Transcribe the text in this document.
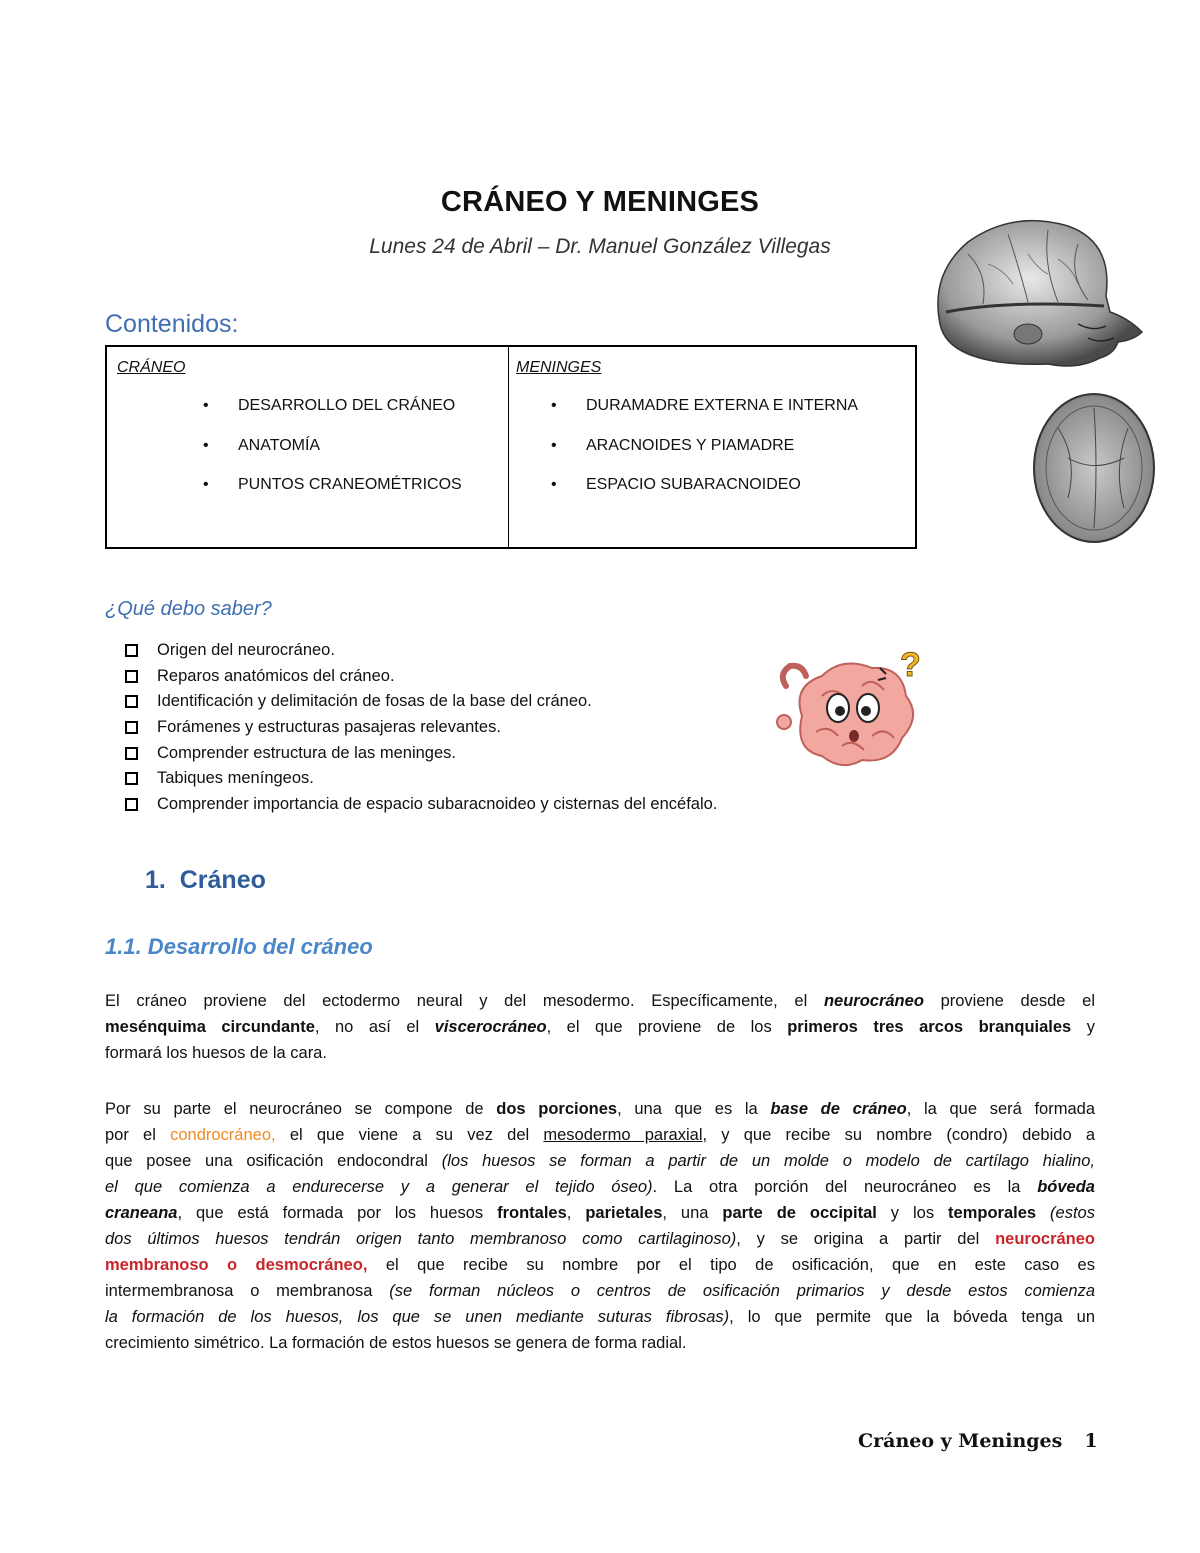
CRÁNEO Y MENINGES
Lunes 24 de Abril – Dr. Manuel González Villegas
Contenidos:
CRÁNEO
•	DESARROLLO DEL CRÁNEO
•	ANATOMÍA
•	PUNTOS CRANEOMÉTRICOS
MENINGES
•	DURAMADRE EXTERNA E INTERNA
•	ARACNOIDES Y PIAMADRE
•	ESPACIO SUBARACNOIDEO
¿Qué debo saber?
Origen del neurocráneo.
Reparos anatómicos del cráneo.
Identificación y delimitación de fosas de la base del cráneo.
Forámenes y estructuras pasajeras relevantes.
Comprender estructura de las meninges.
Tabiques meníngeos.
Comprender importancia de espacio subaracnoideo y cisternas del encéfalo.
?
1.  Cráneo
1.1. Desarrollo del cráneo
El cráneo proviene del ectodermo neural y del mesodermo. Específicamente, el neurocráneo proviene desde el
mesénquima circundante, no así el viscerocráneo, el que proviene de los primeros tres arcos branquiales y
formará los huesos de la cara.
Por su parte el neurocráneo se compone de dos porciones, una que es la base de cráneo, la que será formada
por el condrocráneo, el que viene a su vez del mesodermo paraxial, y que recibe su nombre (condro) debido a
que posee una osificación endocondral (los huesos se forman a partir de un molde o modelo de cartílago hialino,
el que comienza a endurecerse y a generar el tejido óseo). La otra porción del neurocráneo es la bóveda
craneana, que está formada por los huesos frontales, parietales, una parte de occipital y los temporales (estos
dos últimos huesos tendrán origen tanto membranoso como cartilaginoso), y se origina a partir del neurocráneo
membranoso o desmocráneo, el que recibe su nombre por el tipo de osificación, que en este caso es
intermembranosa o membranosa (se forman núcleos o centros de osificación primarios y desde estos comienza
la formación de los huesos, los que se unen mediante suturas fibrosas), lo que permite que la bóveda tenga un
crecimiento simétrico. La formación de estos huesos se genera de forma radial.
Cráneo y Meninges 1
